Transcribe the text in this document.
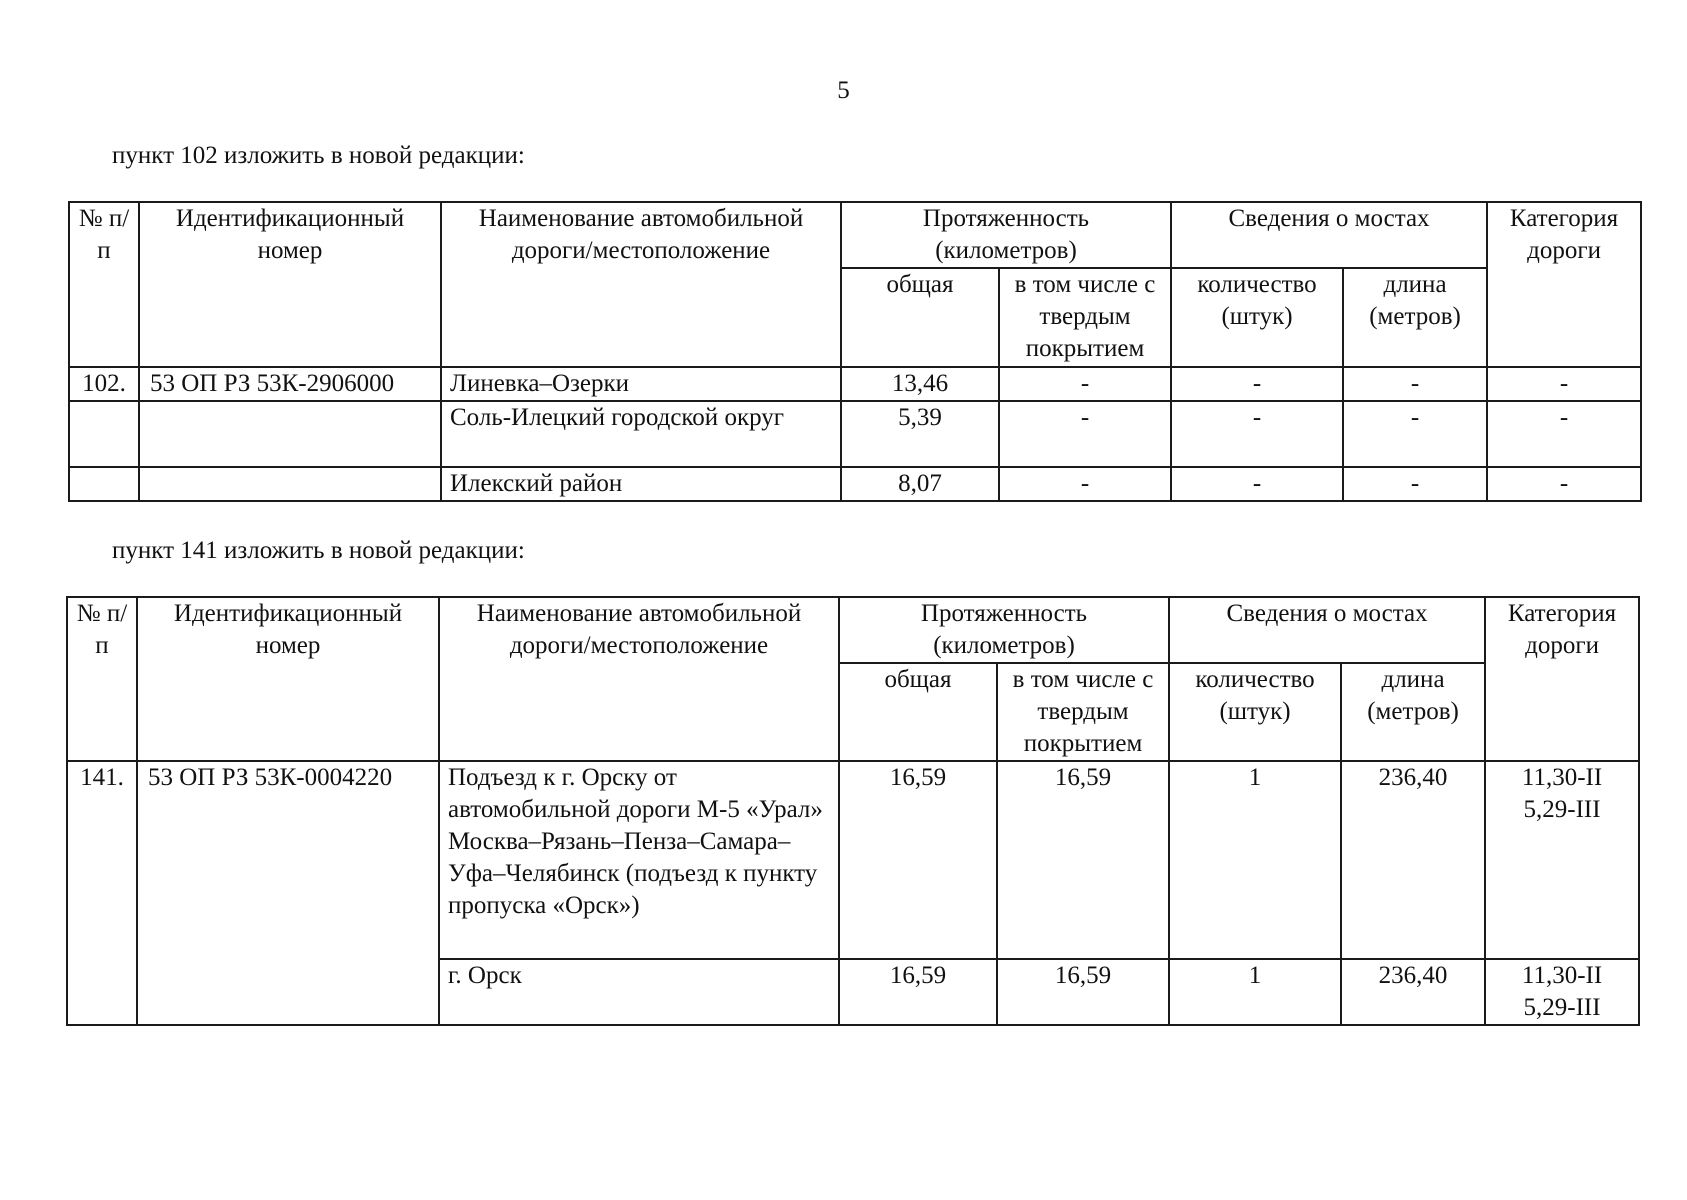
5
пункт 102 изложить в новой редакции:
№ п/п	Идентификационный номер	Наименование автомобильной дороги/местоположение	Протяженность (километров)		Сведения о мостах		Категория дороги
			общая	в том числе с твердым покрытием	количество (штук)	длина (метров)	
102.	53 ОП РЗ 53К-2906000	Линевка–Озерки	13,46	-	-	-	-
		Соль-Илецкий городской округ	5,39	-	-	-	-
		Илекский район	8,07	-	-	-	-
пункт 141 изложить в новой редакции:
№ п/п	Идентификационный номер	Наименование автомобильной дороги/местоположение	Протяженность (километров)		Сведения о мостах		Категория дороги
			общая	в том числе с твердым покрытием	количество (штук)	длина (метров)	
141.	53 ОП РЗ 53К-0004220	Подъезд к г. Орску от автомобильной дороги М-5 «Урал» Москва–Рязань–Пенза–Самара–Уфа–Челябинск (подъезд к пункту пропуска «Орск»)	16,59	16,59	1	236,40	11,30-II
5,29-III

		г. Орск	16,59	16,59	1	236,40	11,30-II
5,29-III
